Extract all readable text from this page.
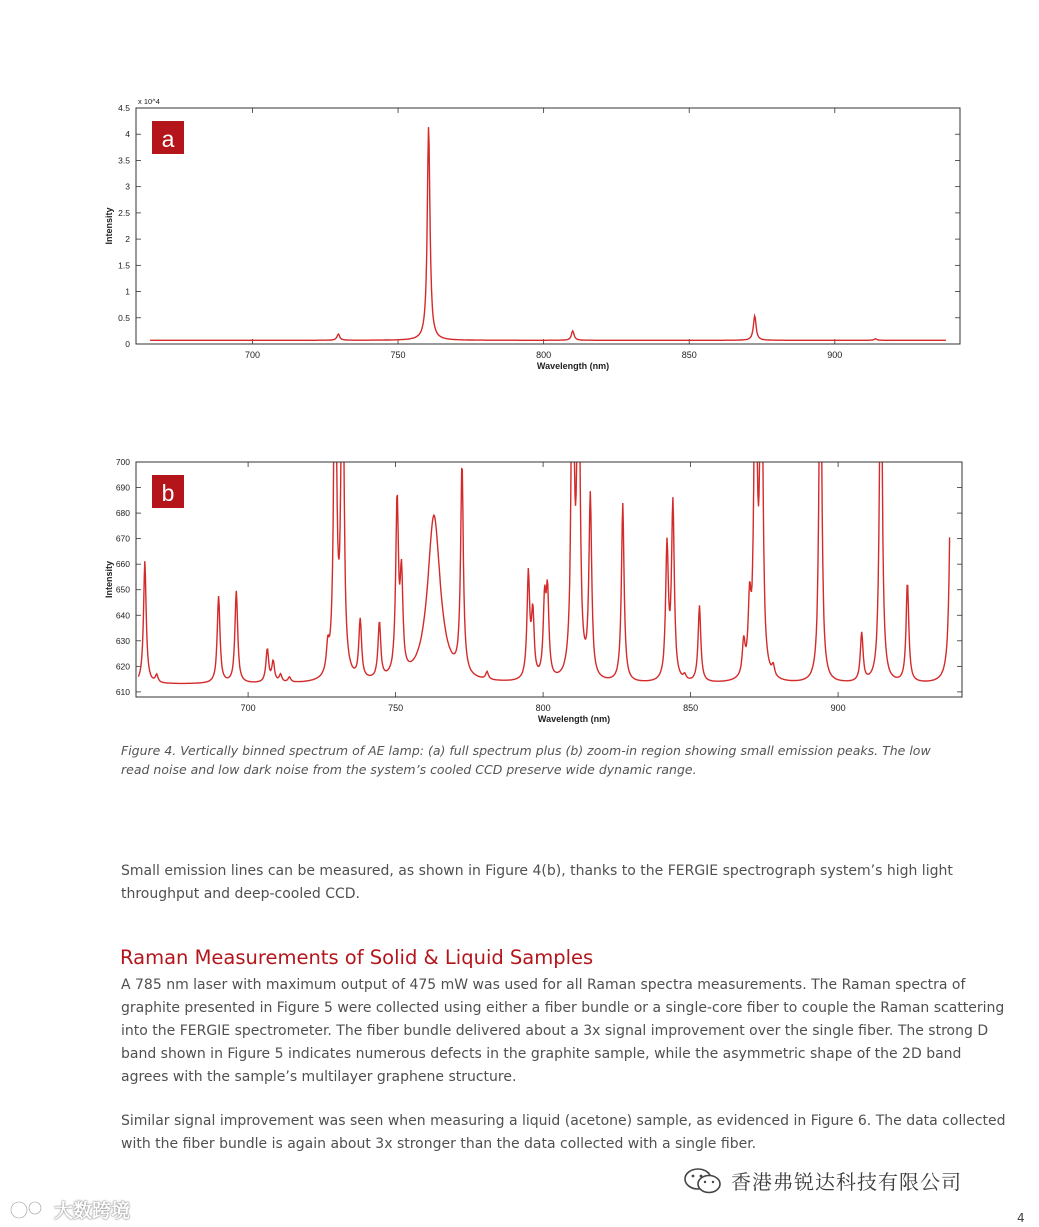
700	750	800	850	900
0
0.5
1
1.5
2
2.5
3
3.5
4
4.5
Wavelength (nm)
Intensity
x 10^4
a
700	750	800	850	900
610
620
630
640
650
660
670
680
690
700
Wavelength (nm)
Intensity
b
Figure 4. Vertically binned spectrum of AE lamp: (a) full spectrum plus (b) zoom-in region showing small emission peaks. The low read noise and low dark noise from the system’s cooled CCD preserve wide dynamic range.

Small emission lines can be measured, as shown in Figure 4(b), thanks to the FERGIE spectrograph system’s high light throughput and deep-cooled CCD.

Raman Measurements of Solid & Liquid Samples

A 785 nm laser with maximum output of 475 mW was used for all Raman spectra measurements. The Raman spectra of graphite presented in Figure 5 were collected using either a fiber bundle or a single-core fiber to couple the Raman scattering into the FERGIE spectrometer. The fiber bundle delivered about a 3x signal improvement over the single fiber. The strong D band shown in Figure 5 indicates numerous defects in the graphite sample, while the asymmetric shape of the 2D band agrees with the sample’s multilayer graphene structure.

Similar signal improvement was seen when measuring a liquid (acetone) sample, as evidenced in Figure 6. The data collected with the fiber bundle is again about 3x stronger than the data collected with a single fiber.

香港弗锐达科技有限公司
大数跨境	4
